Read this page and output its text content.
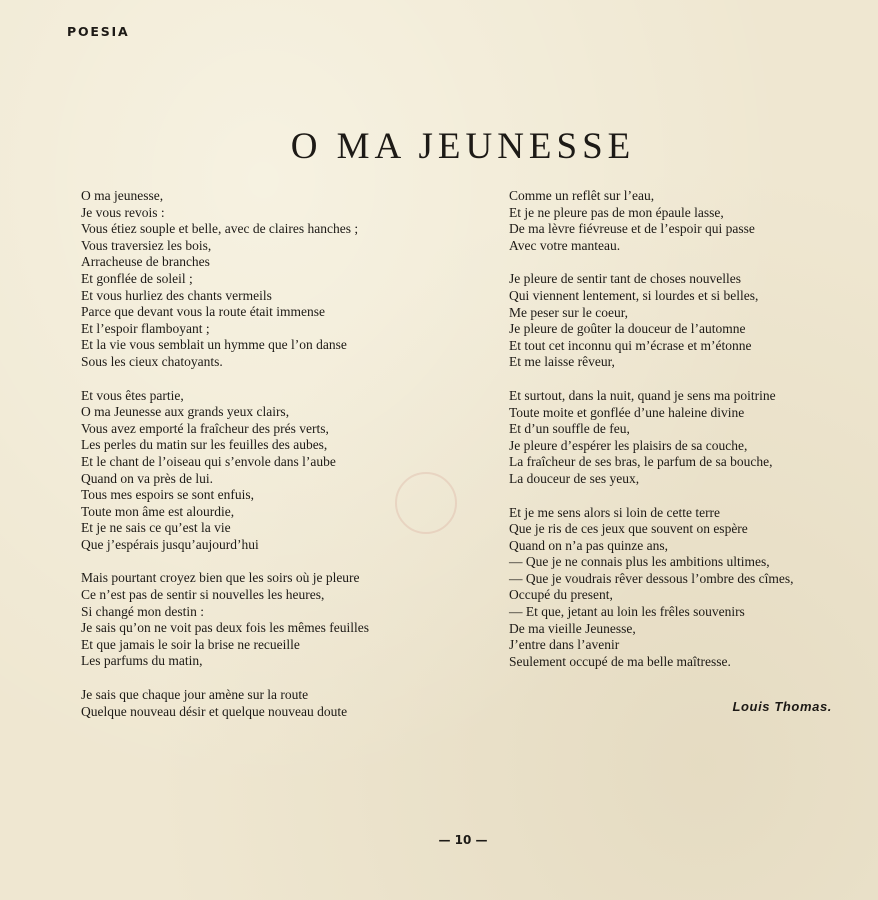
POESIA
O MA JEUNESSE
O ma jeunesse,
Je vous revois :
Vous étiez souple et belle, avec de claires hanches ;
Vous traversiez les bois,
Arracheuse de branches
Et gonflée de soleil ;
Et vous hurliez des chants vermeils
Parce que devant vous la route était immense
Et l’espoir flamboyant ;
Et la vie vous semblait un hymme que l’on danse
Sous les cieux chatoyants.
Et vous êtes partie,
O ma Jeunesse aux grands yeux clairs,
Vous avez emporté la fraîcheur des prés verts,
Les perles du matin sur les feuilles des aubes,
Et le chant de l’oiseau qui s’envole dans l’aube
Quand on va près de lui.
Tous mes espoirs se sont enfuis,
Toute mon âme est alourdie,
Et je ne sais ce qu’est la vie
Que j’espérais jusqu’aujourd’hui
Mais pourtant croyez bien que les soirs où je pleure
Ce n’est pas de sentir si nouvelles les heures,
Si changé mon destin :
Je sais qu’on ne voit pas deux fois les mêmes feuilles
Et que jamais le soir la brise ne recueille
Les parfums du matin,
Je sais que chaque jour amène sur la route
Quelque nouveau désir et quelque nouveau doute
Comme un reflêt sur l’eau,
Et je ne pleure pas de mon épaule lasse,
De ma lèvre fiévreuse et de l’espoir qui passe
Avec votre manteau.
Je pleure de sentir tant de choses nouvelles
Qui viennent lentement, si lourdes et si belles,
Me peser sur le coeur,
Je pleure de goûter la douceur de l’automne
Et tout cet inconnu qui m’écrase et m’étonne
Et me laisse rêveur,
Et surtout, dans la nuit, quand je sens ma poitrine
Toute moite et gonflée d’une haleine divine
Et d’un souffle de feu,
Je pleure d’espérer les plaisirs de sa couche,
La fraîcheur de ses bras, le parfum de sa bouche,
La douceur de ses yeux,
Et je me sens alors si loin de cette terre
Que je ris de ces jeux que souvent on espère
Quand on n’a pas quinze ans,
— Que je ne connais plus les ambitions ultimes,
— Que je voudrais rêver dessous l’ombre des cîmes,
Occupé du present,
— Et que, jetant au loin les frêles souvenirs
De ma vieille Jeunesse,
J’entre dans l’avenir
Seulement occupé de ma belle maîtresse.
Louis Thomas.
— 10 —
